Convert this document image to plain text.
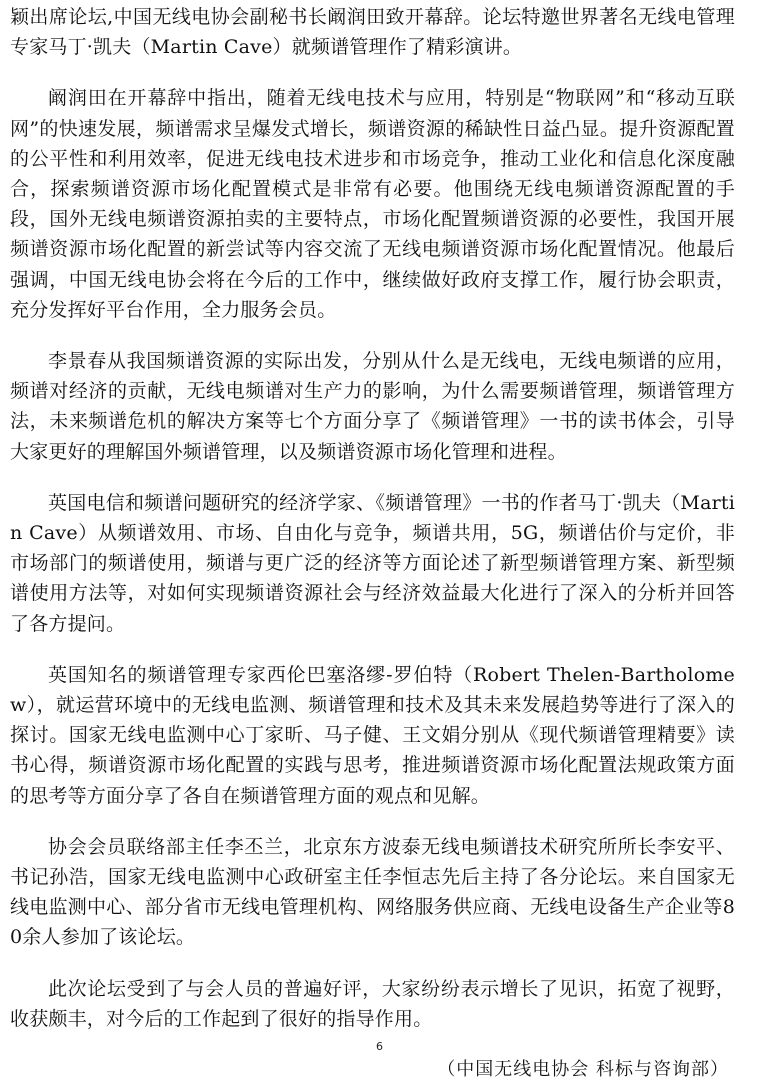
颖出席论坛,中国无线电协会副秘书长阚润田致开幕辞。论坛特邀世界著名无线电管理专家马丁·凯夫（Martin Cave）就频谱管理作了精彩演讲。

阚润田在开幕辞中指出，随着无线电技术与应用，特别是“物联网”和“移动互联网”的快速发展，频谱需求呈爆发式增长，频谱资源的稀缺性日益凸显。提升资源配置的公平性和利用效率，促进无线电技术进步和市场竞争，推动工业化和信息化深度融合，探索频谱资源市场化配置模式是非常有必要。他围绕无线电频谱资源配置的手段，国外无线电频谱资源拍卖的主要特点，市场化配置频谱资源的必要性，我国开展频谱资源市场化配置的新尝试等内容交流了无线电频谱资源市场化配置情况。他最后强调，中国无线电协会将在今后的工作中，继续做好政府支撑工作，履行协会职责，充分发挥好平台作用，全力服务会员。

李景春从我国频谱资源的实际出发，分别从什么是无线电，无线电频谱的应用，频谱对经济的贡献，无线电频谱对生产力的影响，为什么需要频谱管理，频谱管理方法，未来频谱危机的解决方案等七个方面分享了《频谱管理》一书的读书体会，引导大家更好的理解国外频谱管理，以及频谱资源市场化管理和进程。

英国电信和频谱问题研究的经济学家、《频谱管理》一书的作者马丁·凯夫（Martin Cave）从频谱效用、市场、自由化与竞争，频谱共用，5G，频谱估价与定价，非市场部门的频谱使用，频谱与更广泛的经济等方面论述了新型频谱管理方案、新型频谱使用方法等，对如何实现频谱资源社会与经济效益最大化进行了深入的分析并回答了各方提问。

英国知名的频谱管理专家西伦巴塞洛缪-罗伯特（Robert Thelen-Bartholomew），就运营环境中的无线电监测、频谱管理和技术及其未来发展趋势等进行了深入的探讨。国家无线电监测中心丁家昕、马子健、王文娟分别从《现代频谱管理精要》读书心得，频谱资源市场化配置的实践与思考，推进频谱资源市场化配置法规政策方面的思考等方面分享了各自在频谱管理方面的观点和见解。

协会会员联络部主任李丕兰，北京东方波泰无线电频谱技术研究所所长李安平、书记孙浩，国家无线电监测中心政研室主任李恒志先后主持了各分论坛。来自国家无线电监测中心、部分省市无线电管理机构、网络服务供应商、无线电设备生产企业等80余人参加了该论坛。

此次论坛受到了与会人员的普遍好评，大家纷纷表示增长了见识，拓宽了视野，收获颇丰，对今后的工作起到了很好的指导作用。

（中国无线电协会 科标与咨询部）

6
